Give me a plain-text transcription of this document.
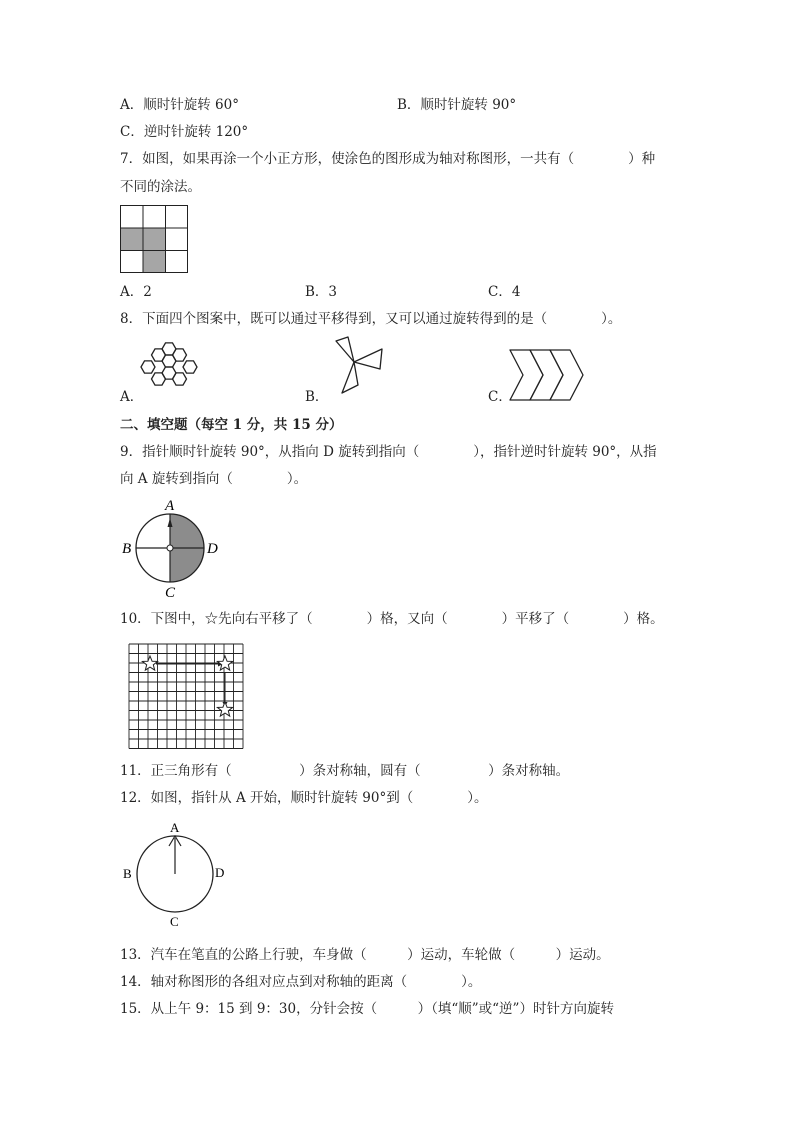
A．顺时针旋转 60°	B．顺时针旋转 90°
C．逆时针旋转 120°
7．如图，如果再涂一个小正方形，使涂色的图形成为轴对称图形，一共有（　　　　）种
不同的涂法。
A．2	B．3	C．4
8．下面四个图案中，既可以通过平移得到，又可以通过旋转得到的是（　　　　）。
A．	B．	C．
二、填空题（每空 1 分，共 15 分）
9．指针顺时针旋转 90°，从指向 D 旋转到指向（　　　　），指针逆时针旋转 90°，从指
向 A 旋转到指向（　　　　）。
A
B
C
D
10．下图中，☆先向右平移了（　　　　）格，又向（　　　　）平移了（　　　　）格。
11．正三角形有（　　　　　）条对称轴，圆有（　　　　　）条对称轴。
12．如图，指针从 A 开始，顺时针旋转 90°到（　　　　）。
A
B
C
D
13．汽车在笔直的公路上行驶，车身做（　　　）运动，车轮做（　　　）运动。
14．轴对称图形的各组对应点到对称轴的距离（　　　　）。
15．从上午 9：15 到 9：30，分针会按（　　　）（填“顺”或“逆”）时针方向旋转
